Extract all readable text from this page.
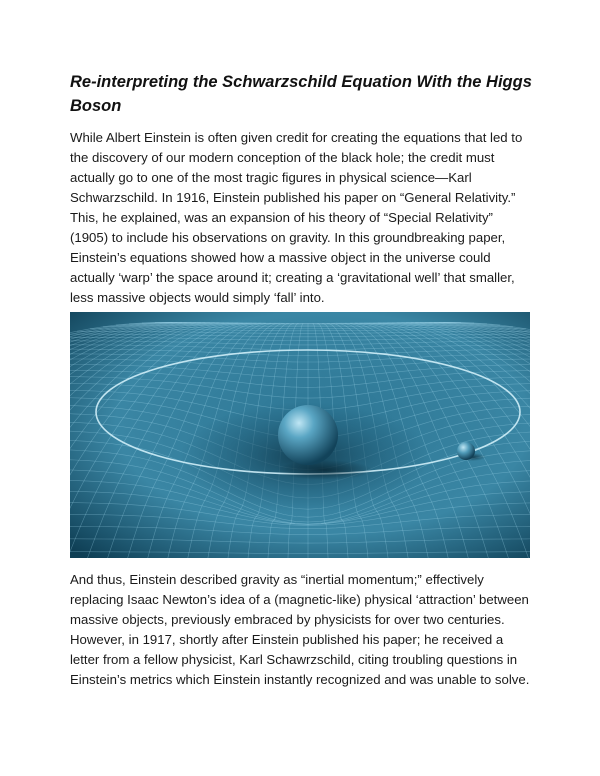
Re-interpreting the Schwarzschild Equation With the Higgs Boson
While Albert Einstein is often given credit for creating the equations that led to the discovery of our modern conception of the black hole; the credit must actually go to one of the most tragic figures in physical science—Karl Schwarzschild. In 1916, Einstein published his paper on “General Relativity.” This, he explained, was an expansion of his theory of “Special Relativity” (1905) to include his observations on gravity. In this groundbreaking paper, Einstein’s equations showed how a massive object in the universe could actually ‘warp’ the space around it; creating a ‘gravitational well’ that smaller, less massive objects would simply ‘fall’ into.
And thus, Einstein described gravity as “inertial momentum;” effectively replacing Isaac Newton’s idea of a (magnetic-like) physical ‘attraction’ between massive objects, previously embraced by physicists for over two centuries. However, in 1917, shortly after Einstein published his paper; he received a letter from a fellow physicist, Karl Schawrzschild, citing troubling questions in Einstein’s metrics which Einstein instantly recognized and was unable to solve.
